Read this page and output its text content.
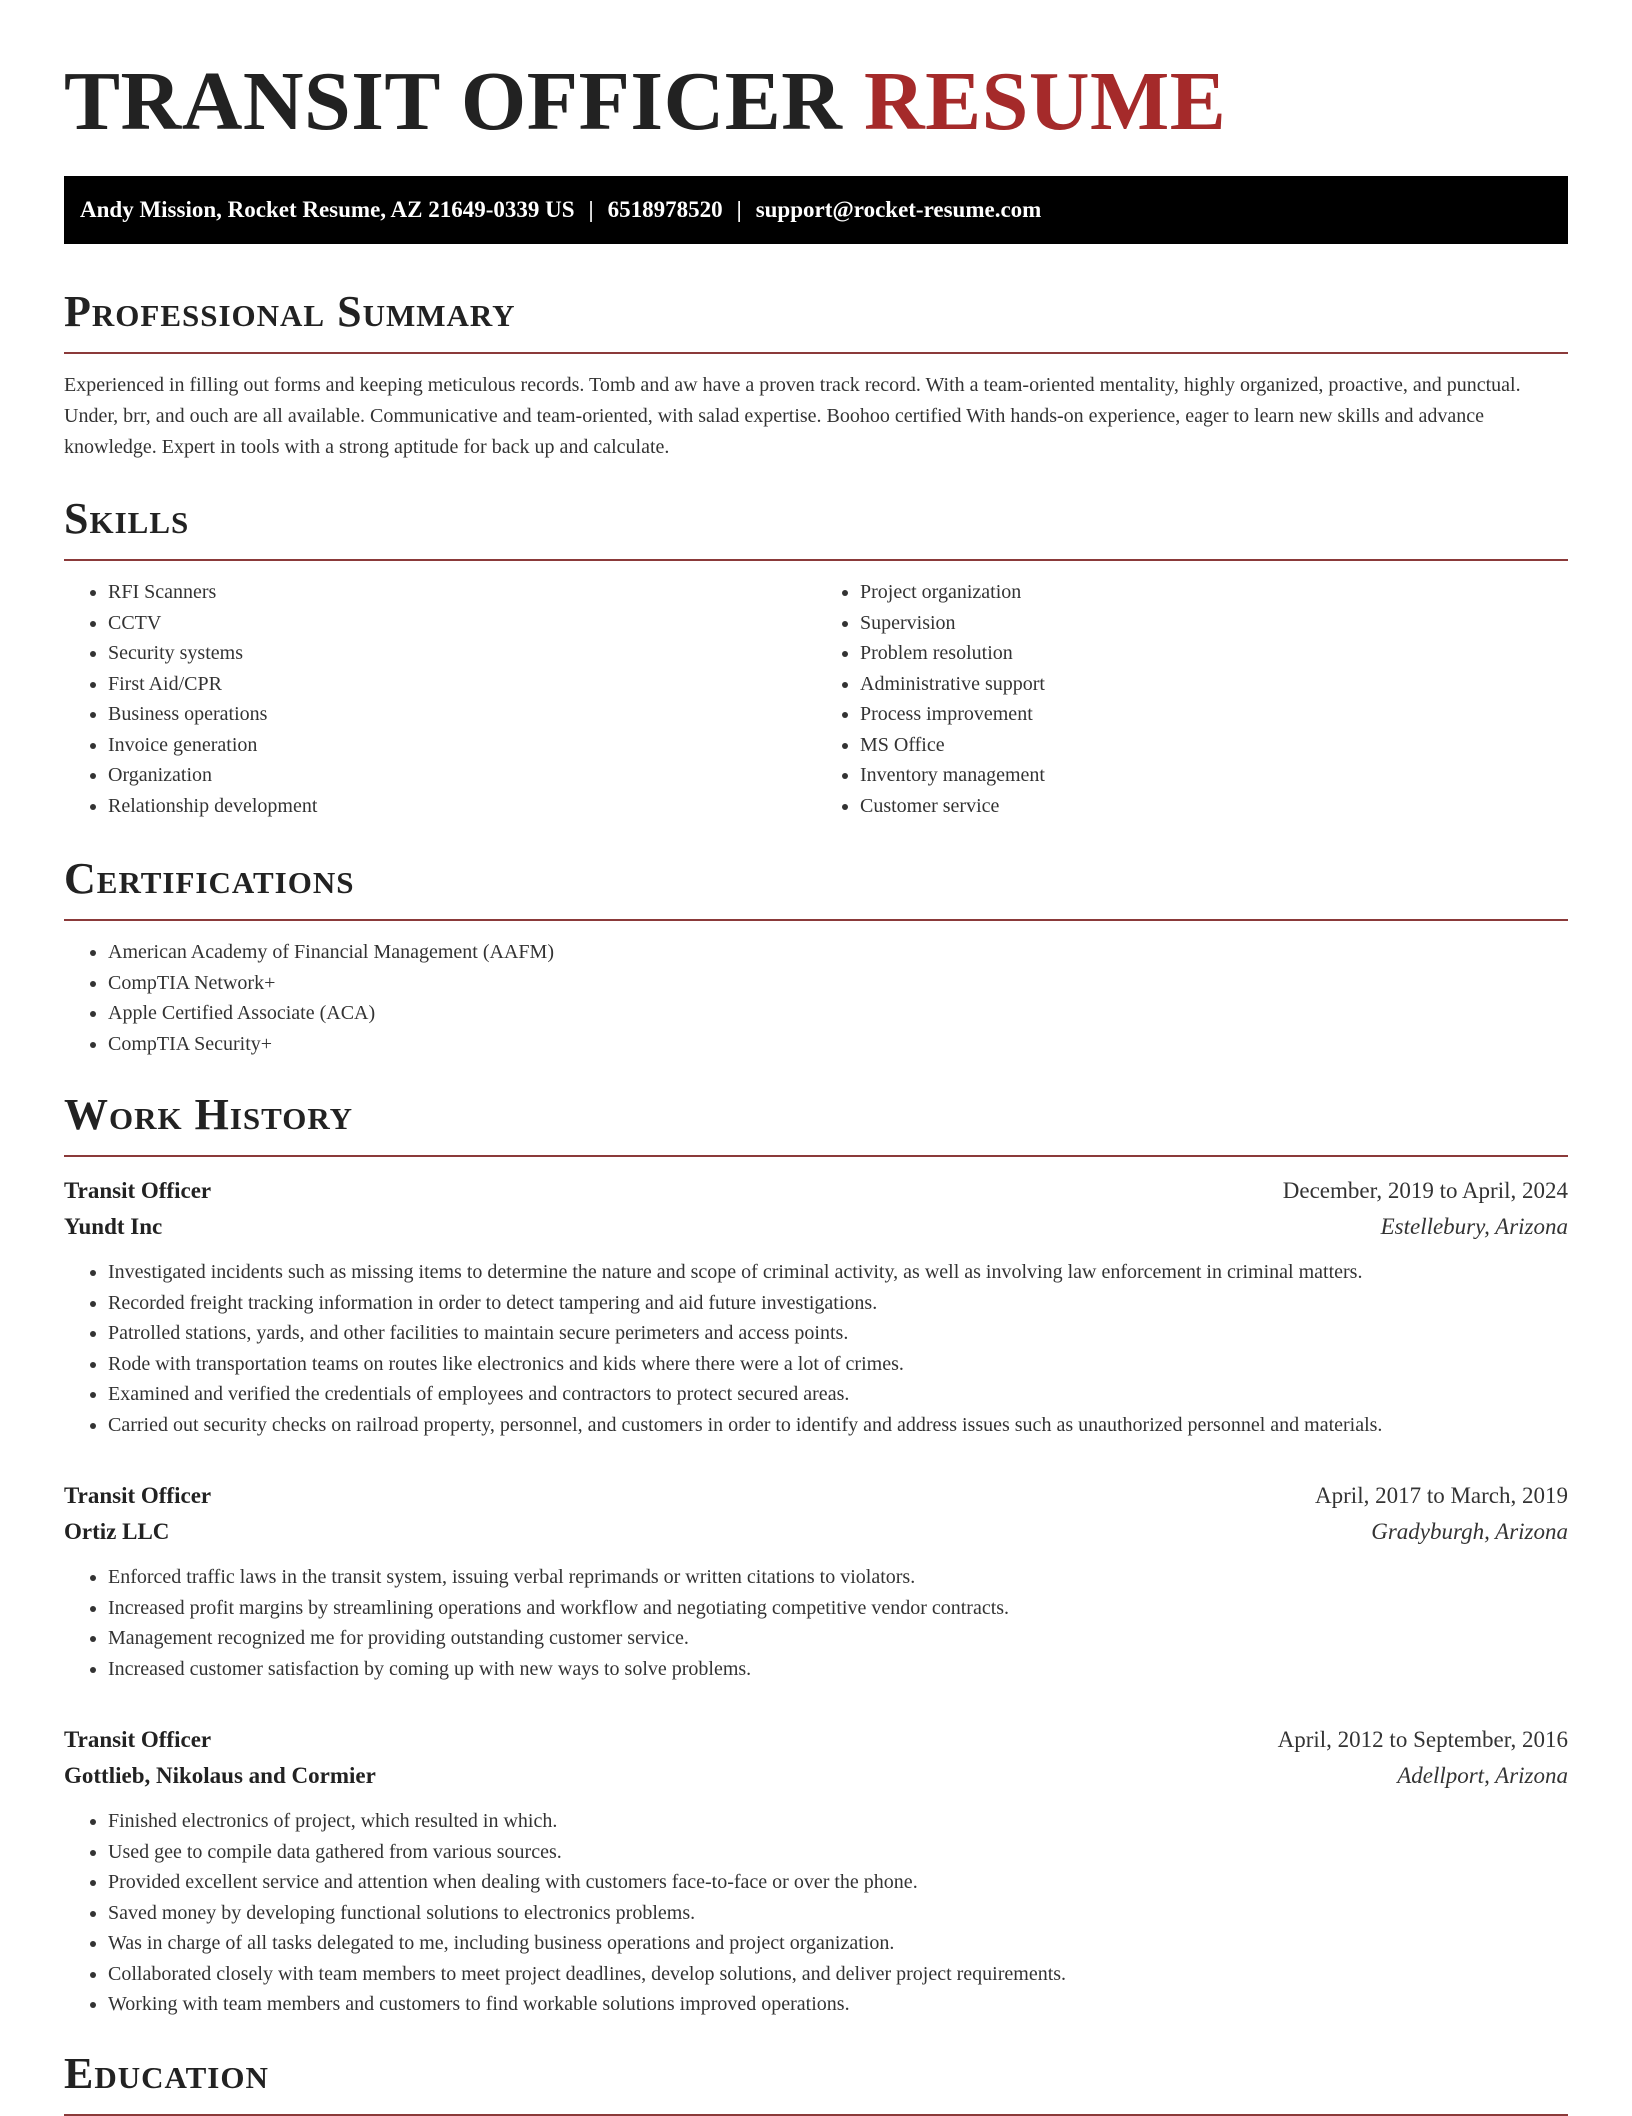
TRANSIT OFFICER RESUME
Andy Mission, Rocket Resume, AZ 21649-0339 US | 6518978520 | support@rocket-resume.com
Professional Summary

Experienced in filling out forms and keeping meticulous records. Tomb and aw have a proven track record. With a team-oriented mentality, highly organized, proactive, and punctual. Under, brr, and ouch are all available. Communicative and team-oriented, with salad expertise. Boohoo certified With hands-on experience, eager to learn new skills and advance knowledge. Expert in tools with a strong aptitude for back up and calculate.

Skills
• RFI Scanners
• CCTV
• Security systems
• First Aid/CPR
• Business operations
• Invoice generation
• Organization
• Relationship development
• Project organization
• Supervision
• Problem resolution
• Administrative support
• Process improvement
• MS Office
• Inventory management
• Customer service
Certifications
• American Academy of Financial Management (AAFM)
• CompTIA Network+
• Apple Certified Associate (ACA)
• CompTIA Security+
Work History
Transit Officer	December, 2019 to April, 2024
Yundt Inc	Estellebury, Arizona
• Investigated incidents such as missing items to determine the nature and scope of criminal activity, as well as involving law enforcement in criminal matters.
• Recorded freight tracking information in order to detect tampering and aid future investigations.
• Patrolled stations, yards, and other facilities to maintain secure perimeters and access points.
• Rode with transportation teams on routes like electronics and kids where there were a lot of crimes.
• Examined and verified the credentials of employees and contractors to protect secured areas.
• Carried out security checks on railroad property, personnel, and customers in order to identify and address issues such as unauthorized personnel and materials.
Transit Officer	April, 2017 to March, 2019
Ortiz LLC	Gradyburgh, Arizona
• Enforced traffic laws in the transit system, issuing verbal reprimands or written citations to violators.
• Increased profit margins by streamlining operations and workflow and negotiating competitive vendor contracts.
• Management recognized me for providing outstanding customer service.
• Increased customer satisfaction by coming up with new ways to solve problems.
Transit Officer	April, 2012 to September, 2016
Gottlieb, Nikolaus and Cormier	Adellport, Arizona
• Finished electronics of project, which resulted in which.
• Used gee to compile data gathered from various sources.
• Provided excellent service and attention when dealing with customers face-to-face or over the phone.
• Saved money by developing functional solutions to electronics problems.
• Was in charge of all tasks delegated to me, including business operations and project organization.
• Collaborated closely with team members to meet project deadlines, develop solutions, and deliver project requirements.
• Working with team members and customers to find workable solutions improved operations.
Education
